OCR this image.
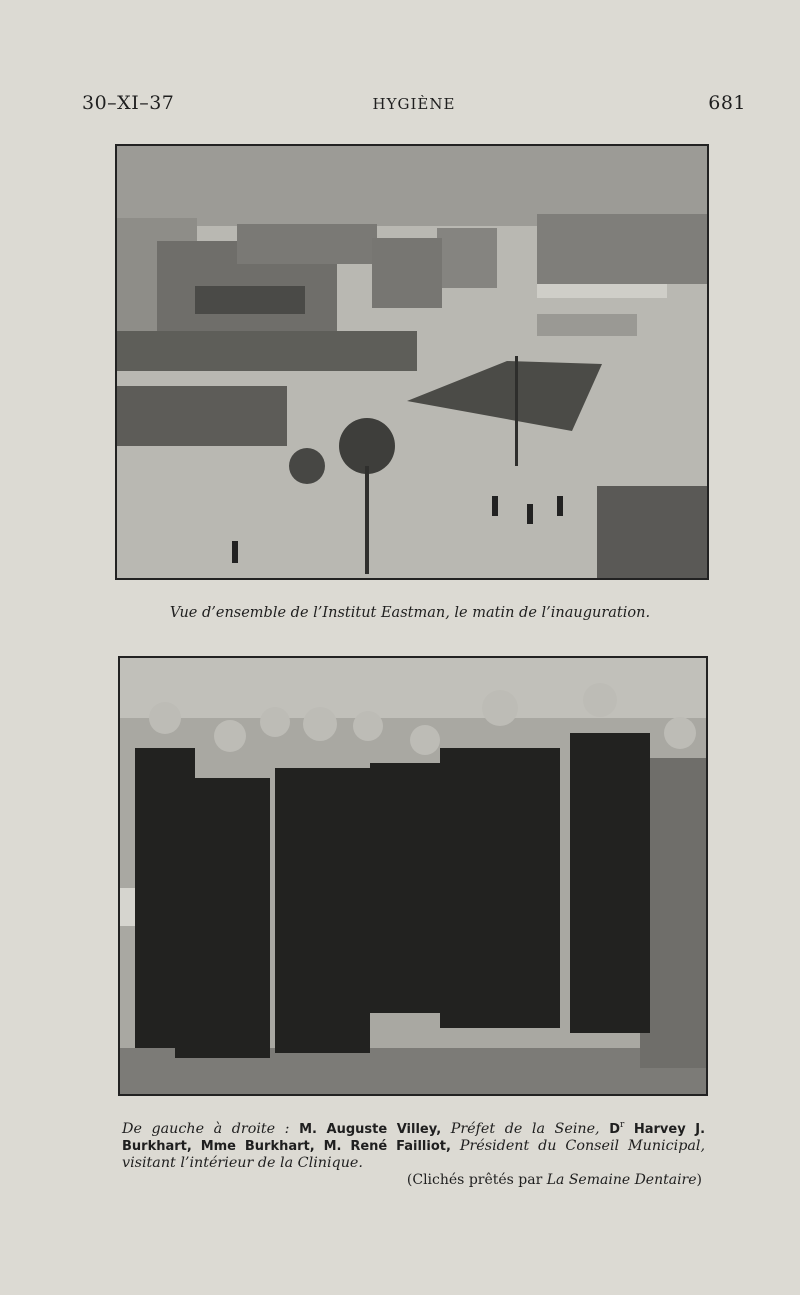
30–XI–37	HYGIÈNE	681
Vue d’ensemble de l’Institut Eastman, le matin de l’inauguration.
De gauche à droite : M. Auguste Villey, Préfet de la Seine, $D^r$ Harvey J. Burkhart, Mme Burkhart, M. René Failliot, Président du Conseil Municipal, visitant l’intérieur de la Clinique.
(Clichés prêtés par La Semaine Dentaire)
